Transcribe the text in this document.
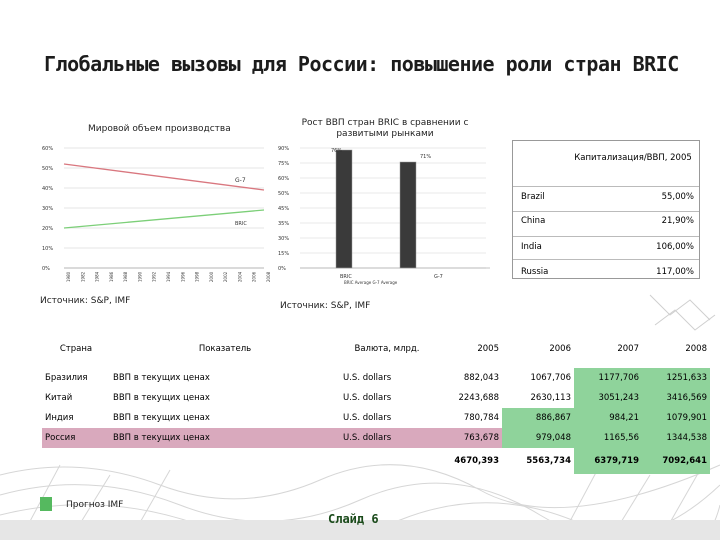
Глобальные вызовы для России: повышение роли стран BRIC
Мировой объем производства
60%
50%
40%
30%
20%
10%
0%
1980 1982 1984 1986 1988 1990 1992 1994 1996 1998 2000 2002 2004 2006 2008
G-7
BRIC
Источник: S&P, IMF
Рост ВВП стран BRIC в сравнении с развитыми рынками
90%
75%
60%
50%
45%
35%
30%
15%
0%
76%
71%
BRIC	G-7
BRIC Average G-7 Average
Источник: S&P, IMF
Капитализация/ВВП, 2005
Brazil	55,00%
China	21,90%
India	106,00%
Russia	117,00%
Страна	Показатель	Валюта, млрд.	2005	2006	2007	2008
Бразилия	ВВП в текущих ценах	U.S. dollars	882,043	1067,706	1177,706	1251,633
Китай	ВВП в текущих ценах	U.S. dollars	2243,688	2630,113	3051,243	3416,569
Индия	ВВП в текущих ценах	U.S. dollars	780,784	886,867	984,21	1079,901
Россия	ВВП в текущих ценах	U.S. dollars	763,678	979,048	1165,56	1344,538
			4670,393	5563,734	6379,719	7092,641
Прогноз IMF
Слайд 6
